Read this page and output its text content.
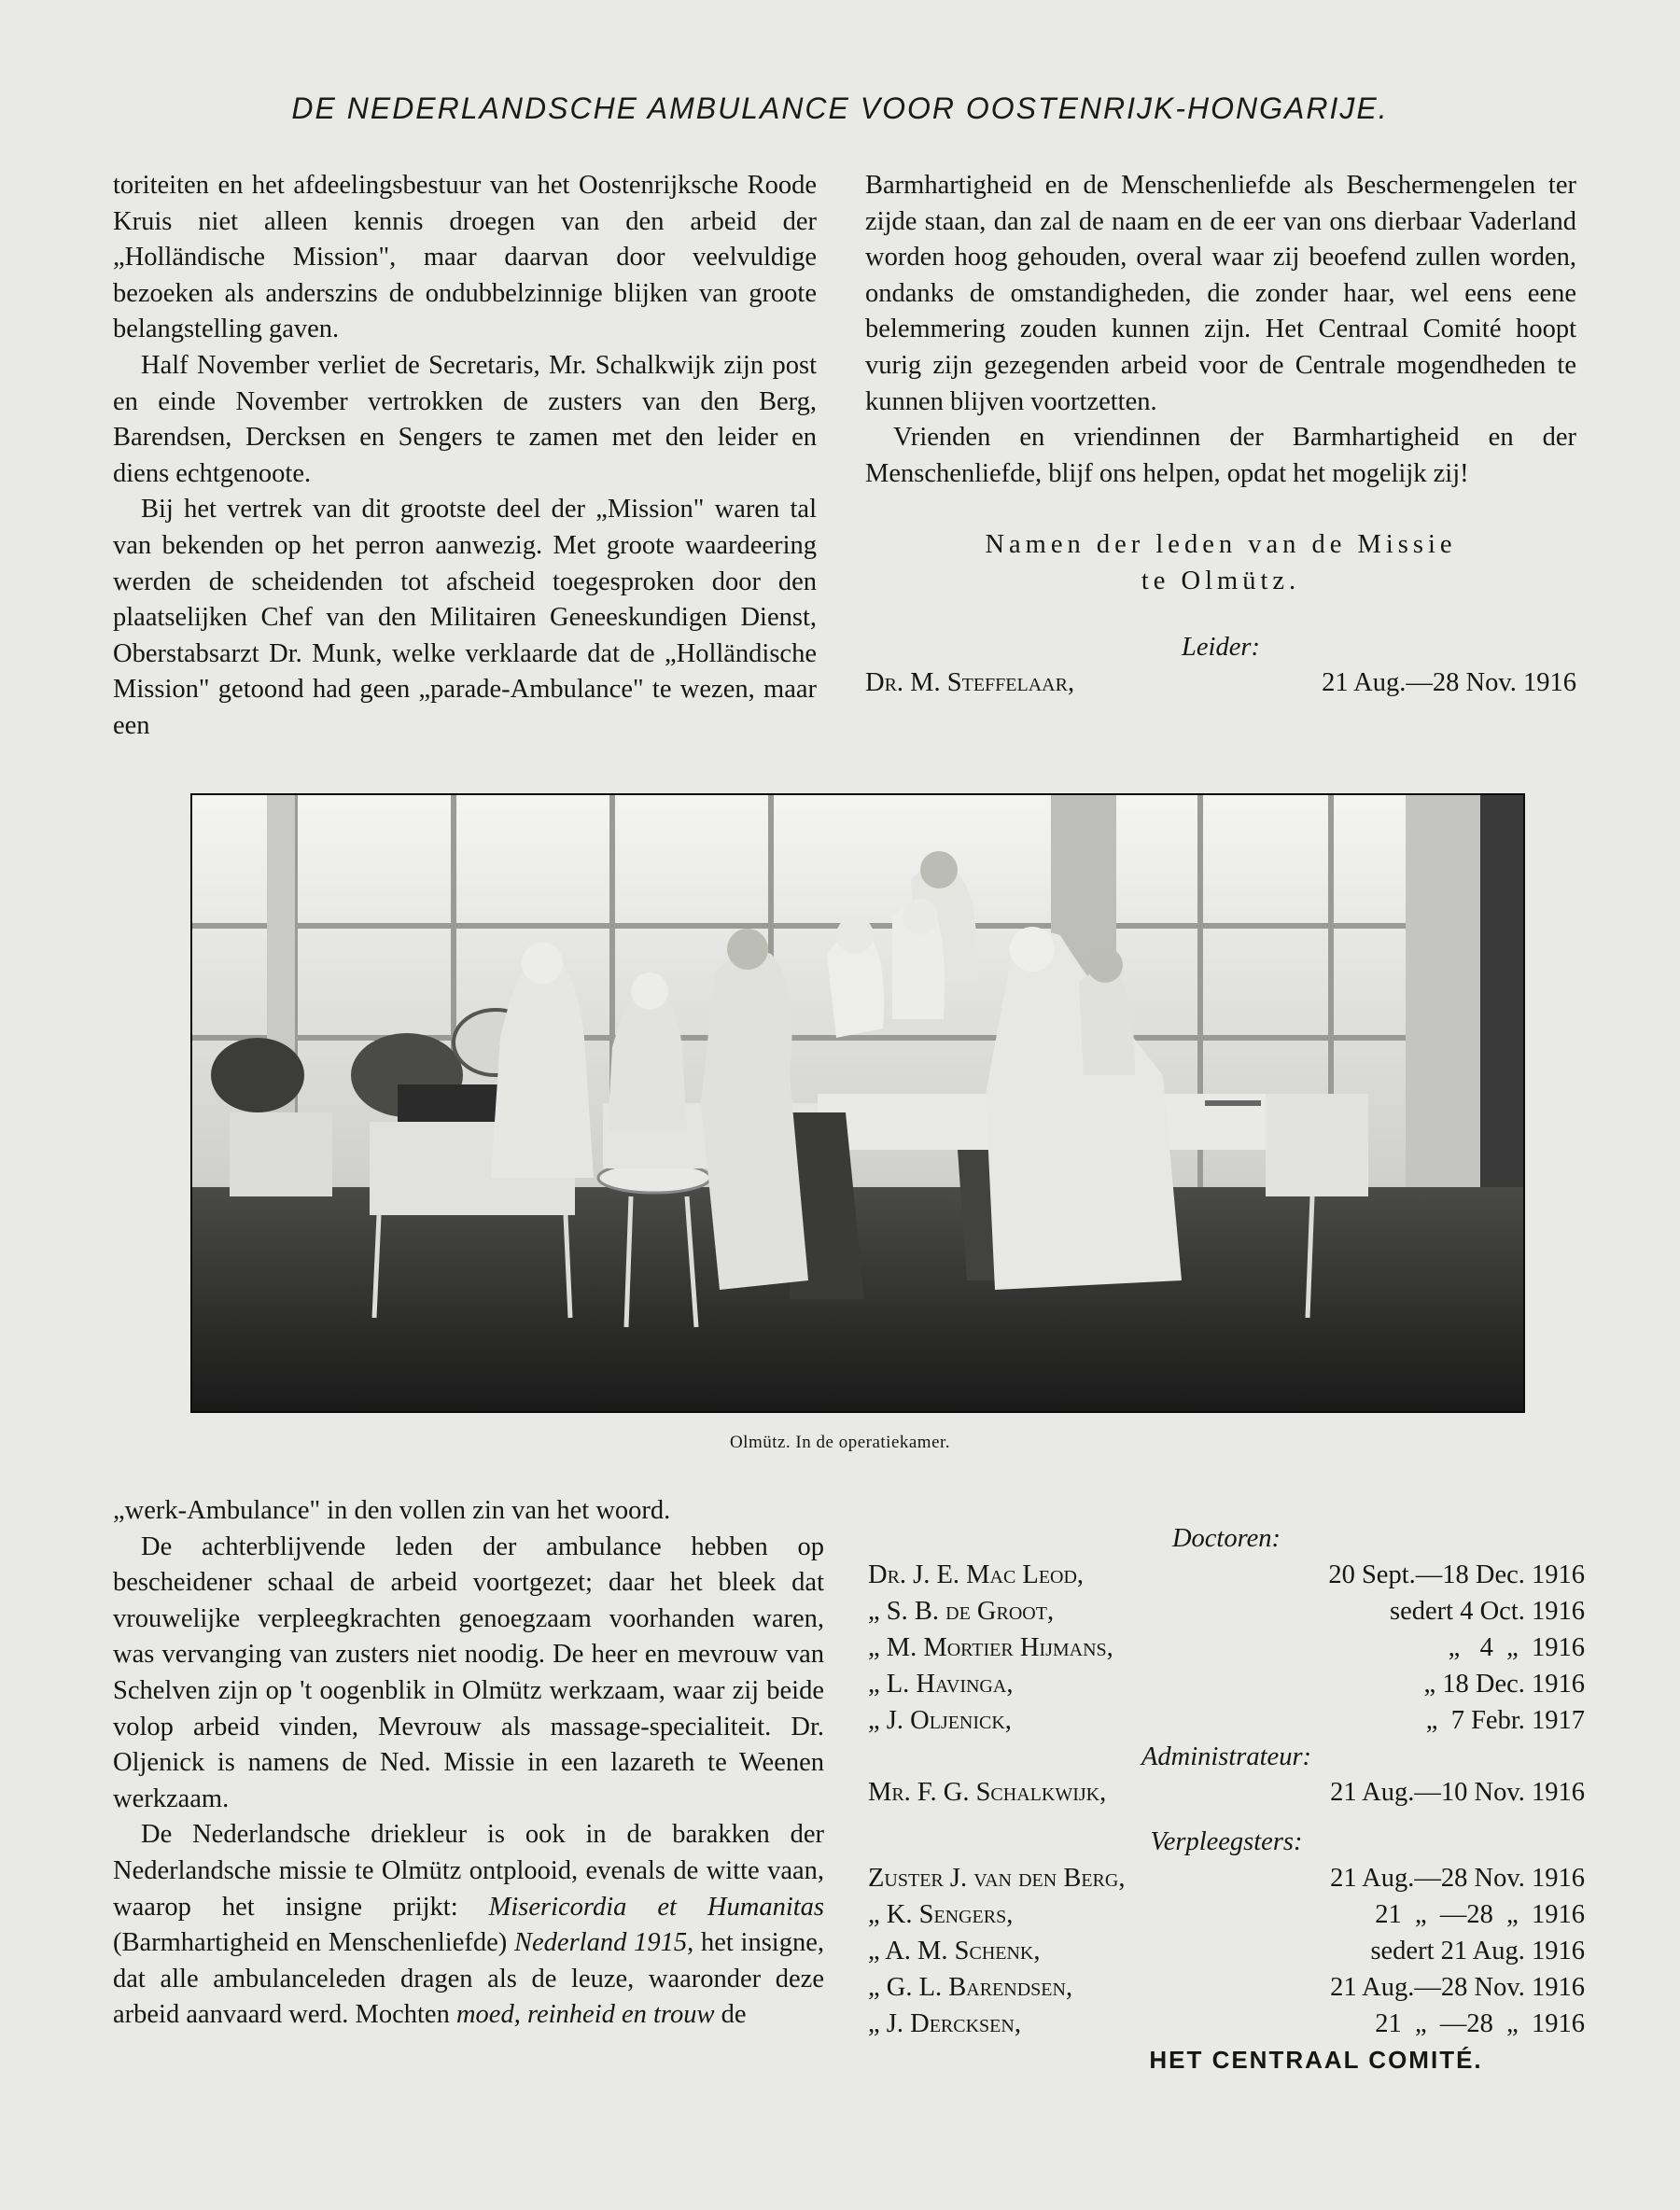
DE NEDERLANDSCHE AMBULANCE VOOR OOSTENRIJK-HONGARIJE.

toriteiten en het afdeelingsbestuur van het Oostenrijksche Roode Kruis niet alleen kennis droegen van den arbeid der „Holländische Mission", maar daarvan door veelvuldige bezoeken als anderszins de ondubbelzinnige blijken van groote belangstelling gaven.

Half November verliet de Secretaris, Mr. Schalkwijk zijn post en einde November vertrokken de zusters van den Berg, Barendsen, Dercksen en Sengers te zamen met den leider en diens echtgenoote.

Bij het vertrek van dit grootste deel der „Mission" waren tal van bekenden op het perron aanwezig. Met groote waardeering werden de scheidenden tot afscheid toegesproken door den plaatselijken Chef van den Militairen Geneeskundigen Dienst, Oberstabsarzt Dr. Munk, welke verklaarde dat de „Holländische Mission" getoond had geen „parade-Ambulance" te wezen, maar een

Barmhartigheid en de Menschenliefde als Beschermengelen ter zijde staan, dan zal de naam en de eer van ons dierbaar Vaderland worden hoog gehouden, overal waar zij beoefend zullen worden, ondanks de omstandigheden, die zonder haar, wel eens eene belemmering zouden kunnen zijn. Het Centraal Comité hoopt vurig zijn gezegenden arbeid voor de Centrale mogendheden te kunnen blijven voortzetten.

Vrienden en vriendinnen der Barmhartigheid en der Menschenliefde, blijf ons helpen, opdat het mogelijk zij!

Namen der leden van de Missie
te Olmütz.
Leider:
Dr. M. Steffelaar,	21 Aug.—28 Nov. 1916
Olmütz. In de operatiekamer.

„werk-Ambulance" in den vollen zin van het woord.

De achterblijvende leden der ambulance hebben op bescheidener schaal de arbeid voortgezet; daar het bleek dat vrouwelijke verpleegkrachten genoegzaam voorhanden waren, was vervanging van zusters niet noodig. De heer en mevrouw van Schelven zijn op 't oogenblik in Olmütz werkzaam, waar zij beide volop arbeid vinden, Mevrouw als massage-specialiteit. Dr. Oljenick is namens de Ned. Missie in een lazareth te Weenen werkzaam.

De Nederlandsche driekleur is ook in de barakken der Nederlandsche missie te Olmütz ontplooid, evenals de witte vaan, waarop het insigne prijkt: Misericordia et Humanitas (Barmhartigheid en Menschenliefde) Nederland 1915, het insigne, dat alle ambulanceleden dragen als de leuze, waaronder deze arbeid aanvaard werd. Mochten moed, reinheid en trouw de

Doctoren:
Dr. J. E. Mac Leod,	20 Sept.—18 Dec. 1916
„ S. B. de Groot,	sedert 4 Oct. 1916
„ M. Mortier Hijmans,	„   4  „  1916
„ L. Havinga,	„ 18 Dec. 1916
„ J. Oljenick,	„  7 Febr. 1917
Administrateur:
Mr. F. G. Schalkwijk,	21 Aug.—10 Nov. 1916
Verpleegsters:
Zuster J. van den Berg,	21 Aug.—28 Nov. 1916
„ K. Sengers,	21  „  —28  „  1916
„ A. M. Schenk,	sedert 21 Aug. 1916
„ G. L. Barendsen,	21 Aug.—28 Nov. 1916
„ J. Dercksen,	21  „  —28  „  1916
HET CENTRAAL COMITÉ.
